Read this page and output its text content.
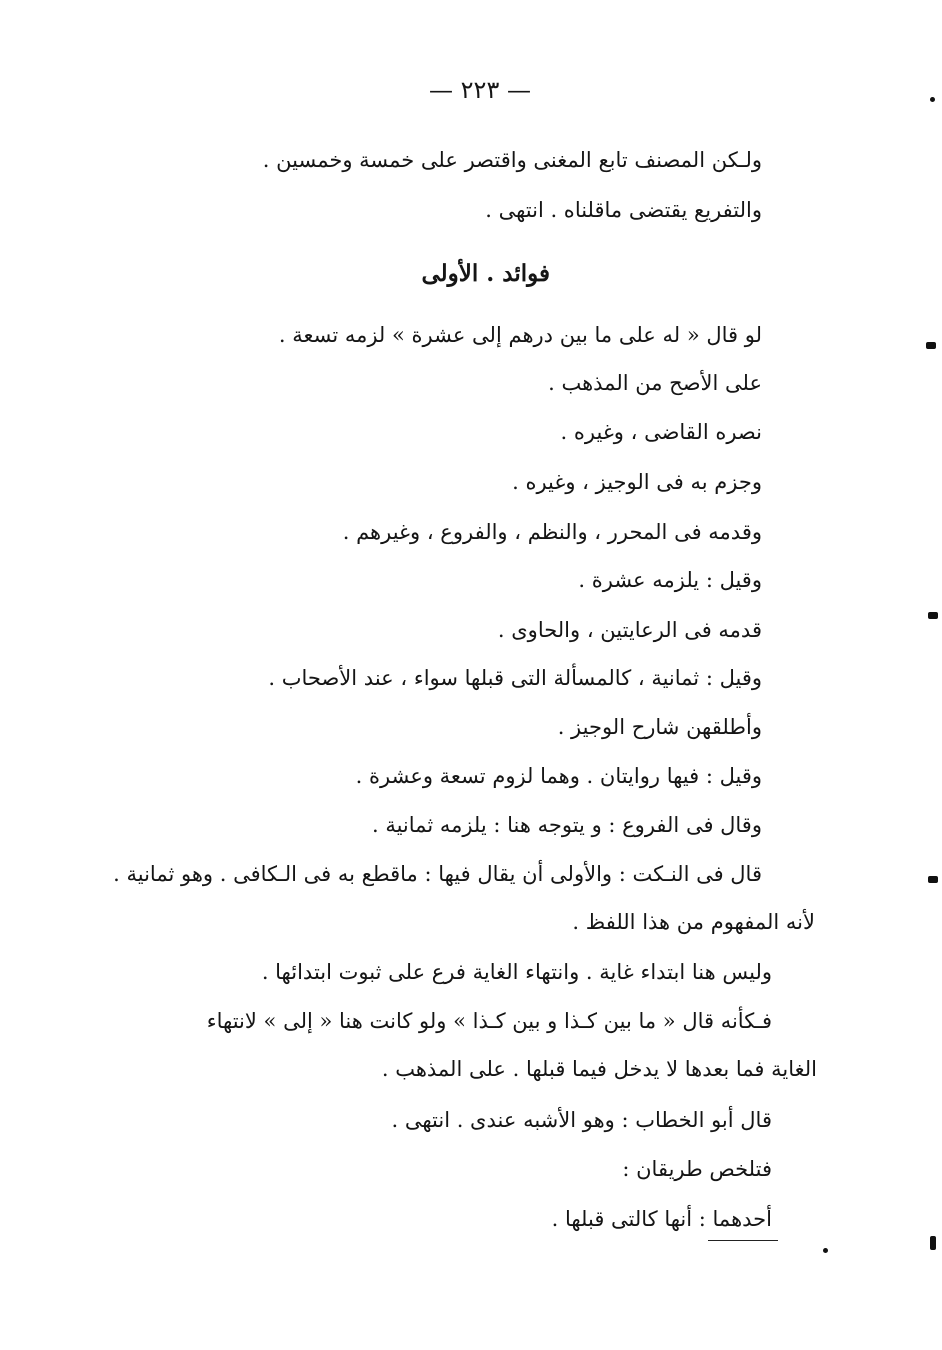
— ٢٢٣ —
ولـكن المصنف تابع المغنى واقتصر على خمسة وخمسين .
والتفريع يقتضى ماقلناه . انتهى .
فوائد . الأولى
لو قال « له على ما بين درهم إلى عشرة » لزمه تسعة .
على الأصح من المذهب .
نصره القاضى ، وغيره .
وجزم به فى الوجيز ، وغيره .
وقدمه فى المحرر ، والنظم ، والفروع ، وغيرهم .
وقيل : يلزمه عشرة .
قدمه فى الرعايتين ، والحاوى .
وقيل : ثمانية ، كالمسألة التى قبلها سواء ، عند الأصحاب .
وأطلقهن شارح الوجيز .
وقيل : فيها روايتان . وهما لزوم تسعة وعشرة .
وقال فى الفروع : و يتوجه هنا : يلزمه ثمانية .
قال فى النـكت : والأولى أن يقال فيها : ماقطع به فى الـكافى . وهو ثمانية .
لأنه المفهوم من هذا اللفظ .
وليس هنا ابتداء غاية . وانتهاء الغاية فرع على ثبوت ابتدائها .
فـكأنه قال « ما بين كـذا و بين كـذا » ولو كانت هنا « إلى » لانتهاء
الغاية فما بعدها لا يدخل فيما قبلها . على المذهب .
قال أبو الخطاب : وهو الأشبه عندى . انتهى .
فتلخص طريقان :
أحدهما : أنها كالتى قبلها .
